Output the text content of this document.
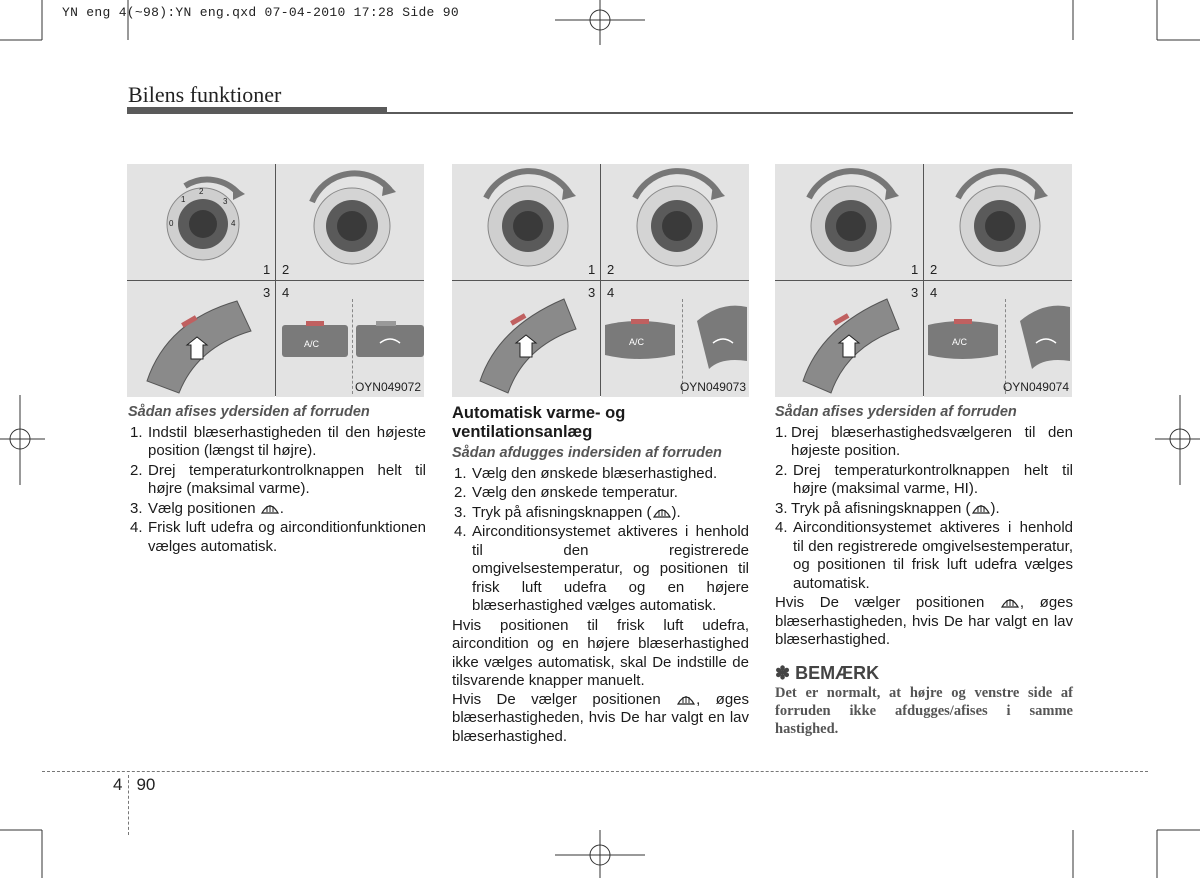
YN eng 4(~98):YN eng.qxd 07-04-2010 17:28 Side 90
Bilens funktioner
2
1	3
0	4
1 2
3 4
A/C
OYN049072
1 2
3 4
A/C
OYN049073
1 2
3 4
A/C
OYN049074
Sådan afises ydersiden af forruden
1. Indstil blæserhastigheden til den højeste position (længst til højre).
2. Drej temperaturkontrolknappen helt til højre (maksimal varme).
3. Vælg positionen .
4. Frisk luft udefra og airconditionfunktionen vælges automatisk.
Automatisk varme- og ventilationsanlæg
Sådan afdugges indersiden af forruden
1. Vælg den ønskede blæserhastighed.
2. Vælg den ønskede temperatur.
3. Tryk på afisningsknappen ( ).
4. Airconditionsystemet aktiveres i henhold til den registrerede omgivelsestemperatur, og positionen til frisk luft udefra og en højere blæserhastighed vælges automatisk.

Hvis positionen til frisk luft udefra, aircondition og en højere blæserhastighed ikke vælges automatisk, skal De indstille de tilsvarende knapper manuelt.

Hvis De vælger positionen , øges blæserhastigheden, hvis De har valgt en lav blæserhastighed.

Sådan afises ydersiden af forruden
1. Drej blæserhastighedsvælgeren til den højeste position.
2. Drej temperaturkontrolknappen helt til højre (maksimal varme, HI).
3. Tryk på afisningsknappen ( ).
4. Airconditionsystemet aktiveres i henhold til den registrerede omgivelsestemperatur, og positionen til frisk luft udefra vælges automatisk.

Hvis De vælger positionen , øges blæserhastigheden, hvis De har valgt en lav blæserhastighed.

✽ BEMÆRK
Det er normalt, at højre og venstre side af forruden ikke afdugges/afises i samme hastighed.
4 90
